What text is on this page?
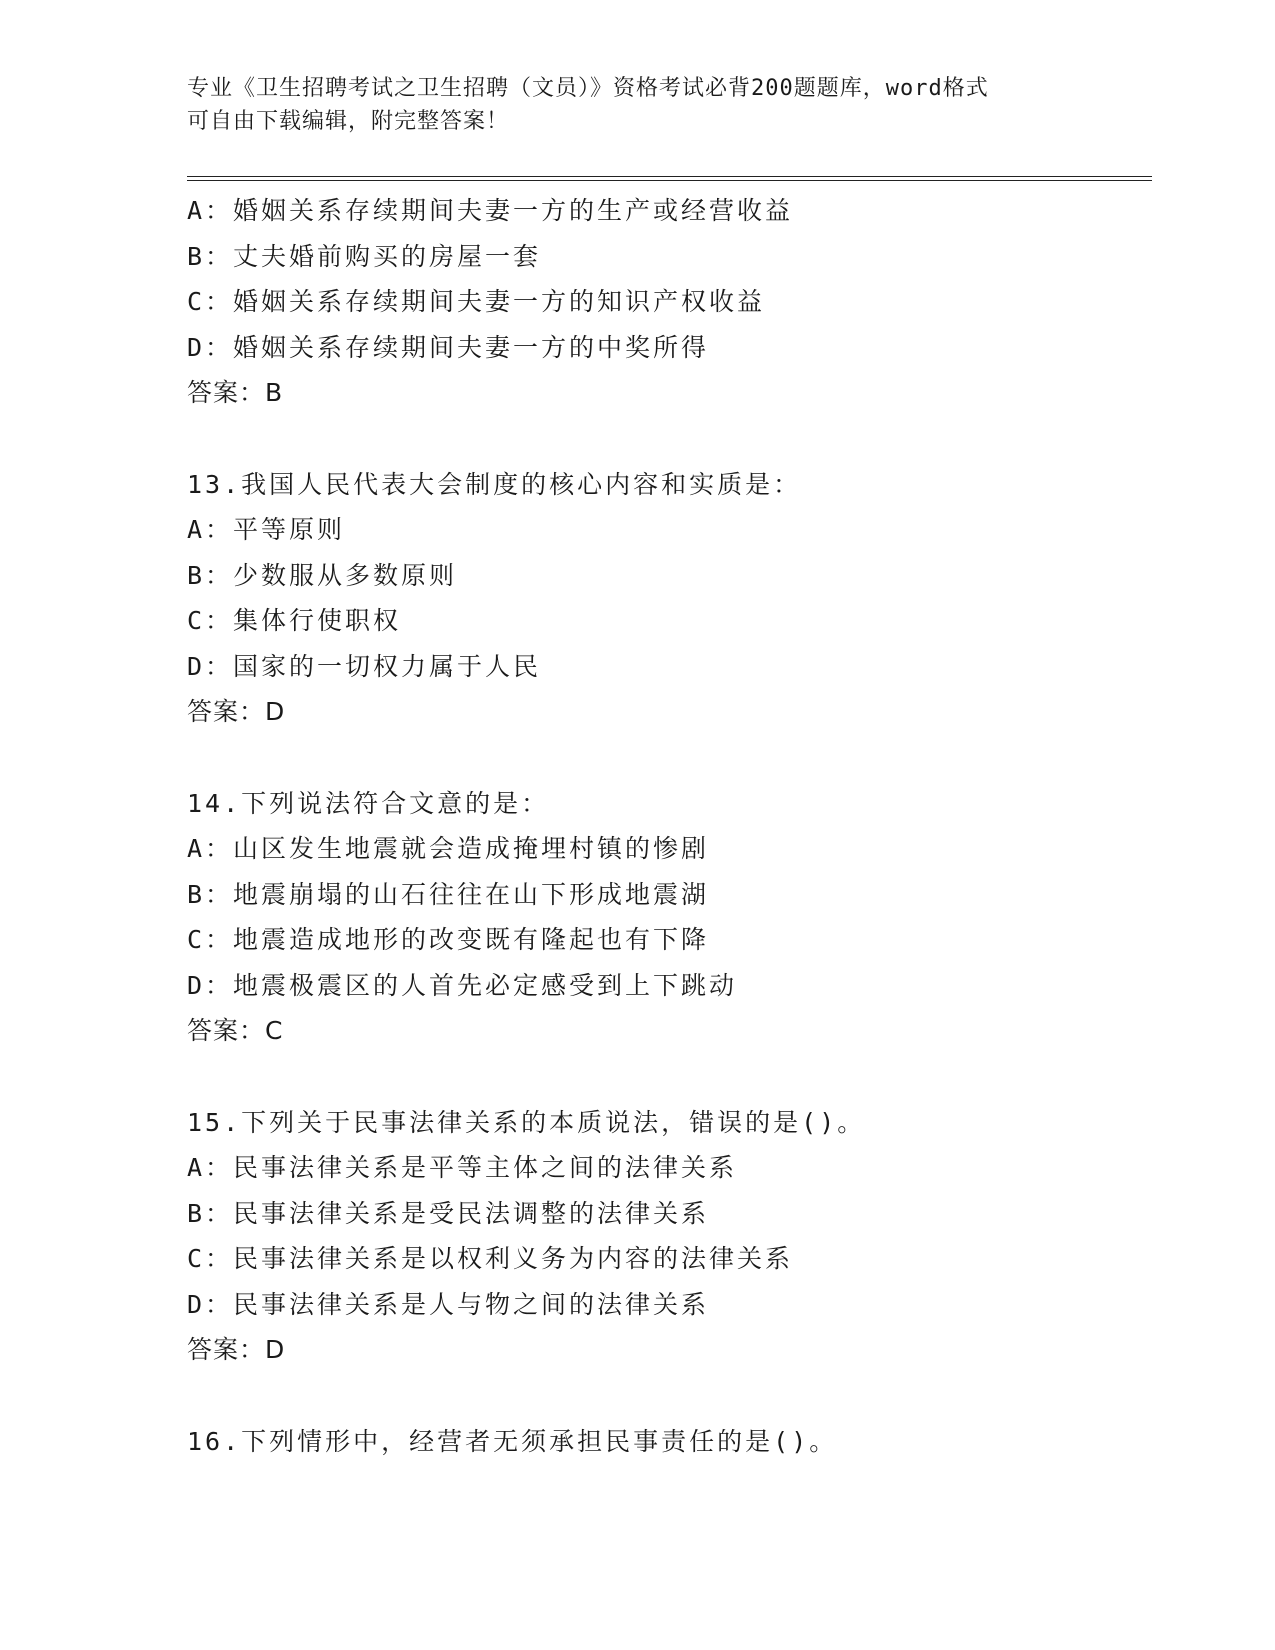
专业《卫生招聘考试之卫生招聘（文员）》资格考试必背200题题库，word格式
可自由下载编辑，附完整答案！
A：婚姻关系存续期间夫妻一方的生产或经营收益
B：丈夫婚前购买的房屋一套
C：婚姻关系存续期间夫妻一方的知识产权收益
D：婚姻关系存续期间夫妻一方的中奖所得
答案：B
13.我国人民代表大会制度的核心内容和实质是：
A：平等原则
B：少数服从多数原则
C：集体行使职权
D：国家的一切权力属于人民
答案：D
14.下列说法符合文意的是：
A：山区发生地震就会造成掩埋村镇的惨剧
B：地震崩塌的山石往往在山下形成地震湖
C：地震造成地形的改变既有隆起也有下降
D：地震极震区的人首先必定感受到上下跳动
答案：C
15.下列关于民事法律关系的本质说法，错误的是()。
A：民事法律关系是平等主体之间的法律关系
B：民事法律关系是受民法调整的法律关系
C：民事法律关系是以权利义务为内容的法律关系
D：民事法律关系是人与物之间的法律关系
答案：D
16.下列情形中，经营者无须承担民事责任的是()。
